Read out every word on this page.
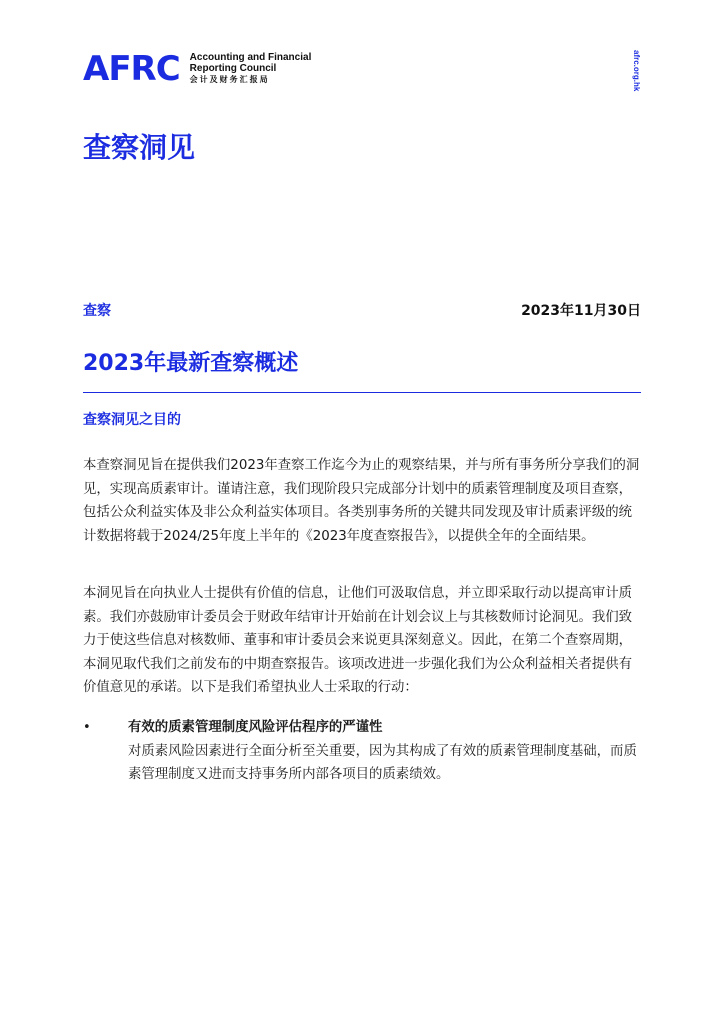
AFRC Accounting and Financial
Reporting Council
会计及财务汇报局	afrc.org.hk
查察洞见
查察	2023年11月30日
2023年最新查察概述
查察洞见之目的

本查察洞见旨在提供我们2023年查察工作迄今为止的观察结果，并与所有事务所分享我们的洞见，实现高质素审计。谨请注意，我们现阶段只完成部分计划中的质素管理制度及项目查察，包括公众利益实体及非公众利益实体项目。各类别事务所的关键共同发现及审计质素评级的统计数据将载于2024/25年度上半年的《2023年度查察报告》，以提供全年的全面结果。

本洞见旨在向执业人士提供有价值的信息，让他们可汲取信息，并立即采取行动以提高审计质素。我们亦鼓励审计委员会于财政年结审计开始前在计划会议上与其核数师讨论洞见。我们致力于使这些信息对核数师、董事和审计委员会来说更具深刻意义。因此，在第二个查察周期，本洞见取代我们之前发布的中期查察报告。该项改进进一步强化我们为公众利益相关者提供有价值意见的承诺。以下是我们希望执业人士采取的行动：

•	有效的质素管理制度风险评估程序的严谨性

对质素风险因素进行全面分析至关重要，因为其构成了有效的质素管理制度基础，而质素管理制度又进而支持事务所内部各项目的质素绩效。
